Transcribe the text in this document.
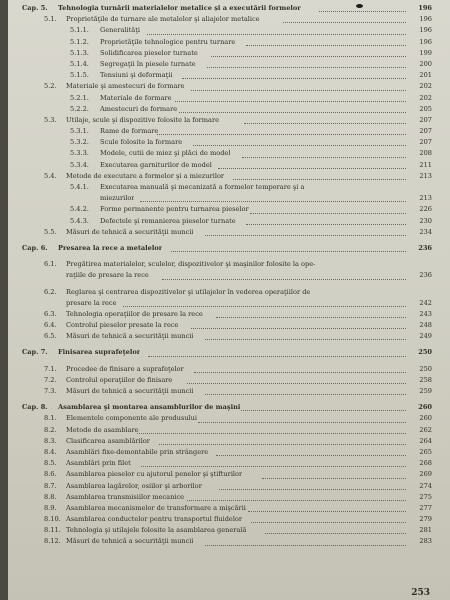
Cap. 5. Tehnologia turnării materialelor metalice și a executării formelor	196
5.1. Proprietăţile de turnare ale metalelor şi aliajelor metalice	196
5.1.1. Generalităţi	196
5.1.2. Proprietăţile tehnologice pentru turnare	196
5.1.3. Solidificarea pieselor turnate	199
5.1.4. Segregaţii în piesele turnate	200
5.1.5. Tensiuni şi deformaţii	201
5.2. Materiale şi amestecuri de formare	202
5.2.1. Materiale de formare	202
5.2.2. Amestecuri de formare	205
5.3. Utilaje, scule şi dispozitive folosite la formare	207
5.3.1. Rame de formare	207
5.3.2. Scule folosite la formare	207
5.3.3. Modele, cutii de miez şi plăci de model	208
5.3.4. Executarea garniturilor de model	211
5.4. Metode de executare a formelor şi a miezurilor	213
5.4.1. Executarea manuală şi mecanizată a formelor temporare şi a
miezurilor	213
5.4.2. Forme permanente pentru turnarea pieselor	226
5.4.3. Defectele şi remanierea pieselor turnate	230
5.5. Măsuri de tehnică a securităţii muncii	234
Cap. 6. Presarea la rece a metalelor	236
6.1. Pregătirea materialelor, sculelor, dispozitivelor şi maşinilor folosite la ope-
raţiile de presare la rece	236
6.2. Reglarea şi centrarea dispozitivelor şi utilajelor în vederea operaţiilor de
presare la rece	242
6.3. Tehnologia operaţiilor de presare la rece	243
6.4. Controlul pieselor presate la rece	248
6.5. Măsuri de tehnică a securităţii muncii	249
Cap. 7. Finisarea suprafeţelor	250
7.1. Procedee de finisare a suprafeţelor	250
7.2. Controlul operaţiilor de finisare	258
7.3. Măsuri de tehnică a securităţii muncii	259
Cap. 8. Asamblarea şi montarea ansamblurilor de maşini	260
8.1. Elementele componente ale produsului	260
8.2. Metode de asamblare	262
8.3. Clasificarea asamblărilor	264
8.4. Asamblări fixe-demontabile prin strângere	265
8.5. Asamblări prin filet	268
8.6. Asamblarea pieselor cu ajutorul penelor şi ştifturilor	269
8.7. Asamblarea lagărelor, osiilor şi arborilor	274
8.8. Asamblarea transmisiilor mecanice	275
8.9. Asamblarea mecanismelor de transformare a mişcării	277
8.10. Asamblarea conductelor pentru transportul fluidelor	279
8.11. Tehnologia şi utilajele folosite la asamblarea generală	281
8.12. Măsuri de tehnică a securităţii muncii	283
253
